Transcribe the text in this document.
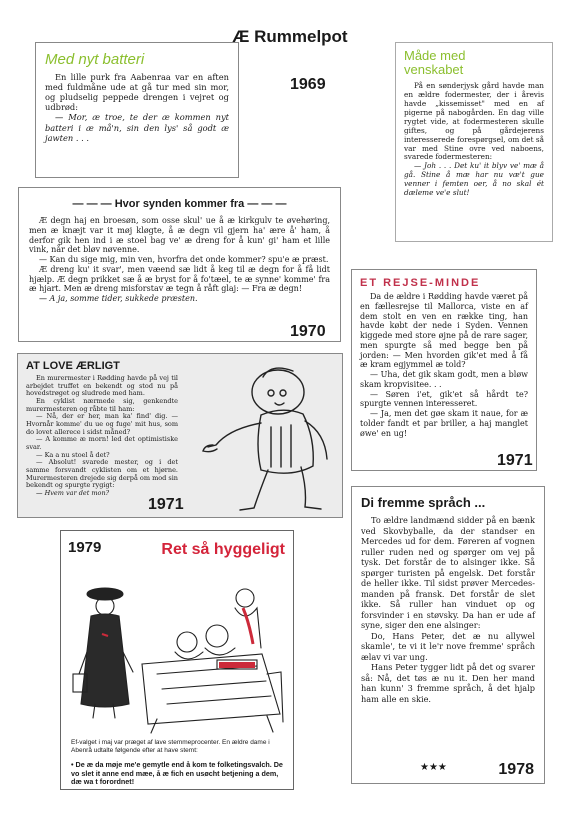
Æ Rummelpot
Med nyt batteri

En lille purk fra Aabenraa var en aften med fuldmåne ude at gå tur med sin mor, og pludselig peppede drengen i vejret og udbrød:

— Mor, æ troe, te der æ kommen nyt batteri i æ må'n, sin den lys' så godt æ jawten . . .

1969
Måde med venskabet

På en sønderjysk gård havde man en ældre fodermester, der i årevis havde „kissemisset" med en af pigerne på nabogården. En dag ville rygtet vide, at fodermesteren skulle giftes, og på gårdejerens interesserede forespørgsel, om det så var med Stine ovre ved naboens, svarede fodermesteren:

— Joh . . . Det ku' it blyv ve' mæ å gå. Stine å mæ har nu væ't gue venner i femten oer, å no skal ét dæleme ve'e slut!

— — — Hvor synden kommer fra — — —

Æ degn haj en broesøn, som osse skul' ue å æ kirkgulv te øvehøring, men æ knæjt var it møj kløgte, å æ degn vil gjern ha' ære å' ham, å derfor gik hen ind i æ stoel bag ve' æ dreng for å kun' gi' ham et lille vink, når det bløv nøvenne.

— Kan du sige mig, min ven, hvorfra det onde kommer? spu'e æ præst.

Æ dreng ku' it svar', men væend sæ lidt å keg til æ degn for å få lidt hjælp. Æ degn prikket sæ å æ bryst for å fo'tæel, te æ synne' komme' fra æ hjart. Men æ dreng misforstav æ tegn å råft glaj: — Fra æ degn!

— A ja, somme tider, sukkede præsten.

1970
ET REJSE-MINDE

Da de ældre i Rødding havde været på en fællesrejse til Mallorca, viste en af dem stolt en ven en række ting, han havde købt der nede i Syden. Vennen kiggede med store øjne på de rare sager, men spurgte så med begge ben på jorden: — Men hvorden gik'et med å få æ kram egjymmel æ told?

— Uha, det gik skam godt, men a bløw skam kropvisitee. . .

— Søren i'et, gik'et så hårdt te? spurgte vennen interesseret.

— Ja, men det gøe skam it naue, for æ tolder fandt et par briller, a haj manglet øwe' en ug!

1971
AT LOVE ÆRLIGT

En murermester i Rødding havde på vej til arbejdet truffet en bekendt og stod nu på hovedstrøget og sludrede med ham.

En cyklist nærmede sig, genkendte murermesteren og råbte til ham:

— Nå, der er her, man ka' find' dig. — Hvornår komme' du ue og fuge' mit hus, som do lovet allerece i sidst måned?

— A komme æ morn! led det optimistiske svar.

— Ka a nu stoel å det?

— Absolut! svarede mester, og i det samme forsvandt cyklisten om et hjørne. Murermesteren drejede sig derpå om mod sin bekendt og spurgte rygigt:

— Hvem var det mon?

1971
1979	Ret så hyggeligt
Ef-valget i maj var præget af lave stemmeprocenter. En ældre dame i Abenrå udtalte følgende efter at have stemt:
• De æ da møje me'e gemytle end å kom te folketingsvalch. De vo slet it anne end mæe, å æ fich en usøcht betjening a dem, dæ wa t forordnet!
Di fremme språch ...

To ældre landmænd sidder på en bænk ved Skovbyballe, da der standser en Mercedes ud for dem. Føreren af vognen ruller ruden ned og spørger om vej på tysk. Det forstår de to alsinger ikke. Så spørger turisten på engelsk. Det forstår de heller ikke. Til sidst prøver Mercedes-manden på fransk. Det forstår de slet ikke. Så ruller han vinduet op og forsvinder i en støvsky. Da han er ude af syne, siger den ene alsinger:

Do, Hans Peter, det æ nu allywel skamle', te vi it le'r nove fremme' språch ælav vi var ung.

Hans Peter tygger lidt på det og svarer så: Nå, det tøs æ nu it. Den her mand han kunn' 3 fremme språch, å det hjalp ham alle en skie.

★★★	1978
